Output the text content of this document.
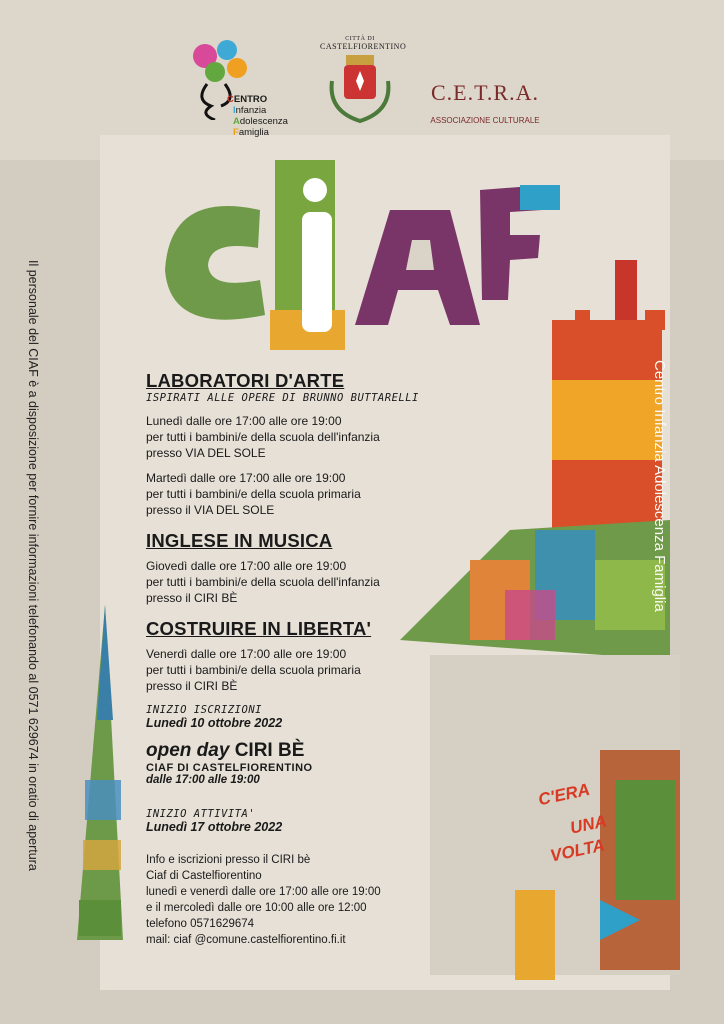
Il personale del CIAF è a disposizione per fornire informazioni telefonando al 0571 629674 in oratio di apertura
CENTRO
Infanzia
Adolescenza
Famiglia
CITTÀ DI
CASTELFIORENTINO
C.E.T.R.A.
ASSOCIAZIONE CULTURALE
Centro Infanzia Adolescenza Famiglia
C'ERA
UNA
VOLTA
LABORATORI D'ARTE
ISPIRATI ALLE OPERE DI BRUNNO BUTTARELLI

Lunedì dalle ore 17:00 alle ore 19:00

per tutti i bambini/e della scuola dell'infanzia

presso VIA DEL SOLE

Martedì dalle ore 17:00 alle ore 19:00

per tutti i bambini/e della scuola primaria

presso il VIA DEL SOLE

INGLESE IN MUSICA

Giovedì dalle ore 17:00 alle ore 19:00

per tutti i bambini/e della scuola dell'infanzia

presso il CIRI BÈ

COSTRUIRE IN LIBERTA'

Venerdì dalle ore 17:00 alle ore 19:00

per tutti i bambini/e della scuola primaria

presso il CIRI BÈ

INIZIO ISCRIZIONI
Lunedì 10 ottobre 2022
open day CIRI BÈ
CIAF DI CASTELFIORENTINO
dalle 17:00 alle 19:00
INIZIO ATTIVITA'
Lunedì 17 ottobre 2022

Info e iscrizioni presso il CIRI bè

Ciaf di Castelfiorentino

lunedì e venerdì dalle ore 17:00 alle ore 19:00

e il mercoledì dalle ore 10:00 alle ore 12:00

telefono 0571629674

mail: ciaf @comune.castelfiorentino.fi.it
